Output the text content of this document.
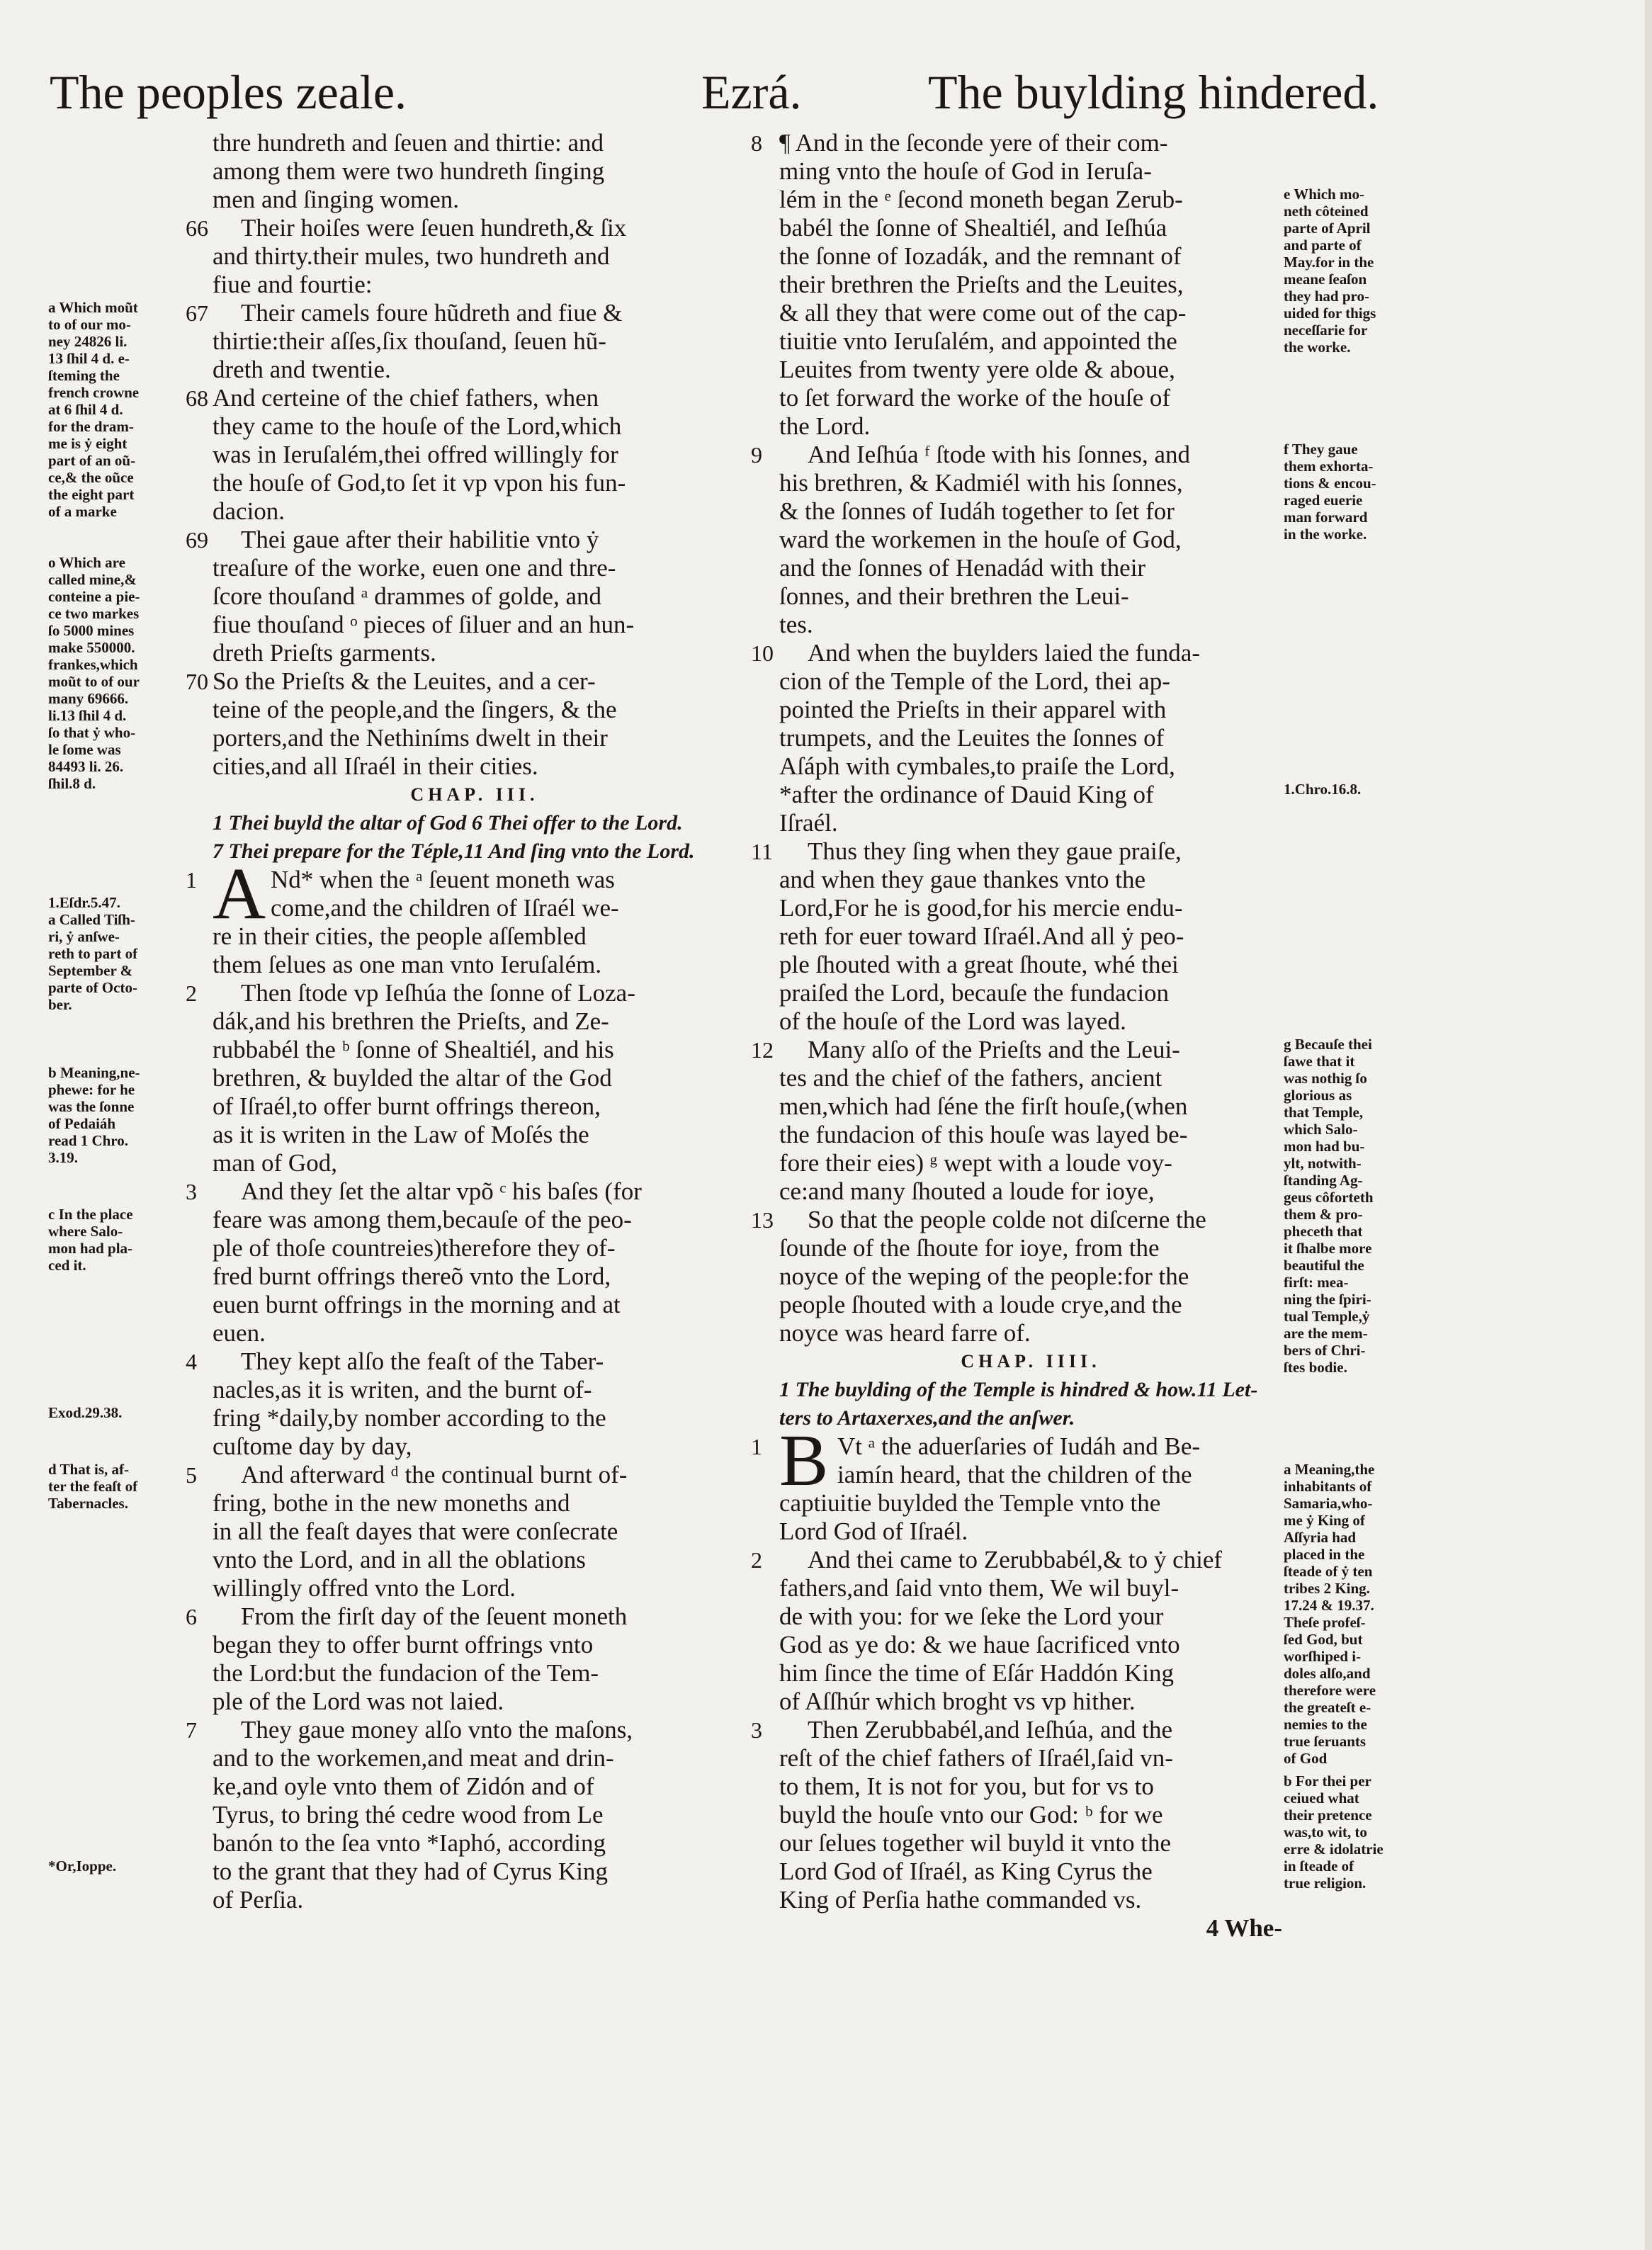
The peoples zeale.	Ezrá.	The buylding hindered.
thre hundreth and ſeuen and thirtie: and
among them were two hundreth ſinging
men and ſinging women.
Their hoiſes were ſeuen hundreth,& ſix
and thirty.their mules, two hundreth and
fiue and fourtie:
Their camels foure hũdreth and fiue &
thirtie:their aſſes,ſix thouſand, ſeuen hũ-
dreth and twentie.
And certeine of the chief fathers, when
they came to the houſe of the Lord,which
was in Ieruſalém,thei offred willingly for
the houſe of God,to ſet it vp vpon his fun-
dacion.
Thei gaue after their habilitie vnto ẏ
treaſure of the worke, euen one and thre-
ſcore thouſand ᵃ drammes of golde, and
fiue thouſand ᵒ pieces of ſiluer and an hun-
dreth Prieſts garments.
So the Prieſts & the Leuites, and a cer-
teine of the people,and the ſingers, & the
porters,and the Nethiníms dwelt in their
cities,and all Iſraél in their cities.
CHAP. III.
1 Thei buyld the altar of God 6 Thei offer to the Lord.
7 Thei prepare for the Téple,11 And ſing vnto the Lord.
Nd* when the ᵃ ſeuent moneth was
come,and the children of Iſraél we-
re in their cities, the people aſſembled
them ſelues as one man vnto Ieruſalém.
Then ſtode vp Ieſhúa the ſonne of Loza-
dák,and his brethren the Prieſts, and Ze-
rubbabél the ᵇ ſonne of Shealtiél, and his
brethren, & buylded the altar of the God
of Iſraél,to offer burnt offrings thereon,
as it is writen in the Law of Moſés the
man of God,
And they ſet the altar vpõ ᶜ his baſes (for
feare was among them,becauſe of the peo-
ple of thoſe countreies)therefore they of-
fred burnt offrings thereõ vnto the Lord,
euen burnt offrings in the morning and at
euen.
They kept alſo the feaſt of the Taber-
nacles,as it is writen, and the burnt of-
fring *daily,by nomber according to the
cuſtome day by day,
And afterward ᵈ the continual burnt of-
fring, bothe in the new moneths and
in all the feaſt dayes that were conſecrate
vnto the Lord, and in all the oblations
willingly offred vnto the Lord.
From the firſt day of the ſeuent moneth
began they to offer burnt offrings vnto
the Lord:but the fundacion of the Tem-
ple of the Lord was not laied.
They gaue money alſo vnto the maſons,
and to the workemen,and meat and drin-
ke,and oyle vnto them of Zidón and of
Tyrus, to bring thé cedre wood from Le
banón to the ſea vnto *Iaphó, according
to the grant that they had of Cyrus King
of Perſia.
66
67
68
69
70
1
2
3
4
5
6
7
A
¶ And in the ſeconde yere of their com-
ming vnto the houſe of God in Ieruſa-
lém in the ᵉ ſecond moneth began Zerub-
babél the ſonne of Shealtiél, and Ieſhúa
the ſonne of Iozadák, and the remnant of
their brethren the Prieſts and the Leuites,
& all they that were come out of the cap-
tiuitie vnto Ieruſalém, and appointed the
Leuites from twenty yere olde & aboue,
to ſet forward the worke of the houſe of
the Lord.
And Ieſhúa ᶠ ſtode with his ſonnes, and
his brethren, & Kadmiél with his ſonnes,
& the ſonnes of Iudáh together to ſet for
ward the workemen in the houſe of God,
and the ſonnes of Henadád with their
ſonnes, and their brethren the Leui-
tes.
And when the buylders laied the funda-
cion of the Temple of the Lord, thei ap-
pointed the Prieſts in their apparel with
trumpets, and the Leuites the ſonnes of
Aſáph with cymbales,to praiſe the Lord,
*after the ordinance of Dauid King of
Iſraél.
Thus they ſing when they gaue praiſe,
and when they gaue thankes vnto the
Lord,For he is good,for his mercie endu-
reth for euer toward Iſraél.And all ẏ peo-
ple ſhouted with a great ſhoute, whé thei
praiſed the Lord, becauſe the fundacion
of the houſe of the Lord was layed.
Many alſo of the Prieſts and the Leui-
tes and the chief of the fathers, ancient
men,which had ſéne the firſt houſe,(when
the fundacion of this houſe was layed be-
fore their eies) ᵍ wept with a loude voy-
ce:and many ſhouted a loude for ioye,
So that the people colde not diſcerne the
ſounde of the ſhoute for ioye, from the
noyce of the weping of the people:for the
people ſhouted with a loude crye,and the
noyce was heard farre of.
CHAP. IIII.
1 The buylding of the Temple is hindred & how.11 Let-
ters to Artaxerxes,and the anſwer.
Vt ᵃ the aduerſaries of Iudáh and Be-
iamín heard, that the children of the
captiuitie buylded the Temple vnto the
Lord God of Iſraél.
And thei came to Zerubbabél,& to ẏ chief
fathers,and ſaid vnto them, We wil buyl-
de with you: for we ſeke the Lord your
God as ye do: & we haue ſacrificed vnto
him ſince the time of Eſár Haddón King
of Aſſhúr which broght vs vp hither.
Then Zerubbabél,and Ieſhúa, and the
reſt of the chief fathers of Iſraél,ſaid vn-
to them, It is not for you, but for vs to
buyld the houſe vnto our God: ᵇ for we
our ſelues together wil buyld it vnto the
Lord God of Iſraél, as King Cyrus the
King of Perſia hathe commanded vs.
4 Whe-
8
9
10
11
12
13
1
2
3
B
a Which mou͂t
to of our mo-
ney 24826 li.
13 ſhil 4 d. e-
ſteming the
french crowne
at 6 ſhil 4 d.
for the dram-
me is ẏ eight
part of an ou͂-
ce,& the ou͂ce
the eight part
of a marke
o Which are
called mine,&
conteine a pie-
ce two markes
ſo 5000 mines
make 550000.
frankes,which
mou͂t to of our
many 69666.
li.13 ſhil 4 d.
ſo that ẏ who-
le ſome was
84493 li. 26.
ſhil.8 d.
1.Eſdr.5.47.
a Called Tiſh-
ri, ẏ anſwe-
reth to part of
September &
parte of Octo-
ber.
b Meaning,ne-
phewe: for he
was the ſonne
of Pedaiáh
read 1 Chro.
3.19.
c In the place
where Salo-
mon had pla-
ced it.
Exod.29.38.
d That is, af-
ter the feaſt of
Tabernacles.
*Or,Ioppe.
e Which mo-
neth côteined
parte of April
and parte of
May.for in the
meane ſeaſon
they had pro-
uided for thigs
neceſſarie for
the worke.
f They gaue
them exhorta-
tions & encou-
raged euerie
man forward
in the worke.
1.Chro.16.8.
g Becauſe thei
ſawe that it
was nothig ſo
glorious as
that Temple,
which Salo-
mon had bu-
ylt, notwith-
ſtanding Ag-
geus côforteth
them & pro-
pheceth that
it ſhalbe more
beautiful the
firſt: mea-
ning the ſpiri-
tual Temple,ẏ
are the mem-
bers of Chri-
ſtes bodie.
a Meaning,the
inhabitants of
Samaria,who-
me ẏ King of
Aſſyria had
placed in the
ſteade of ẏ ten
tribes 2 King.
17.24 & 19.37.
Theſe profeſ-
ſed God, but
worſhiped i-
doles alſo,and
therefore were
the greateſt e-
nemies to the
true ſeruants
of God
b For thei per
ceiued what
their pretence
was,to wit, to
erre & idolatrie
in ſteade of
true religion.
